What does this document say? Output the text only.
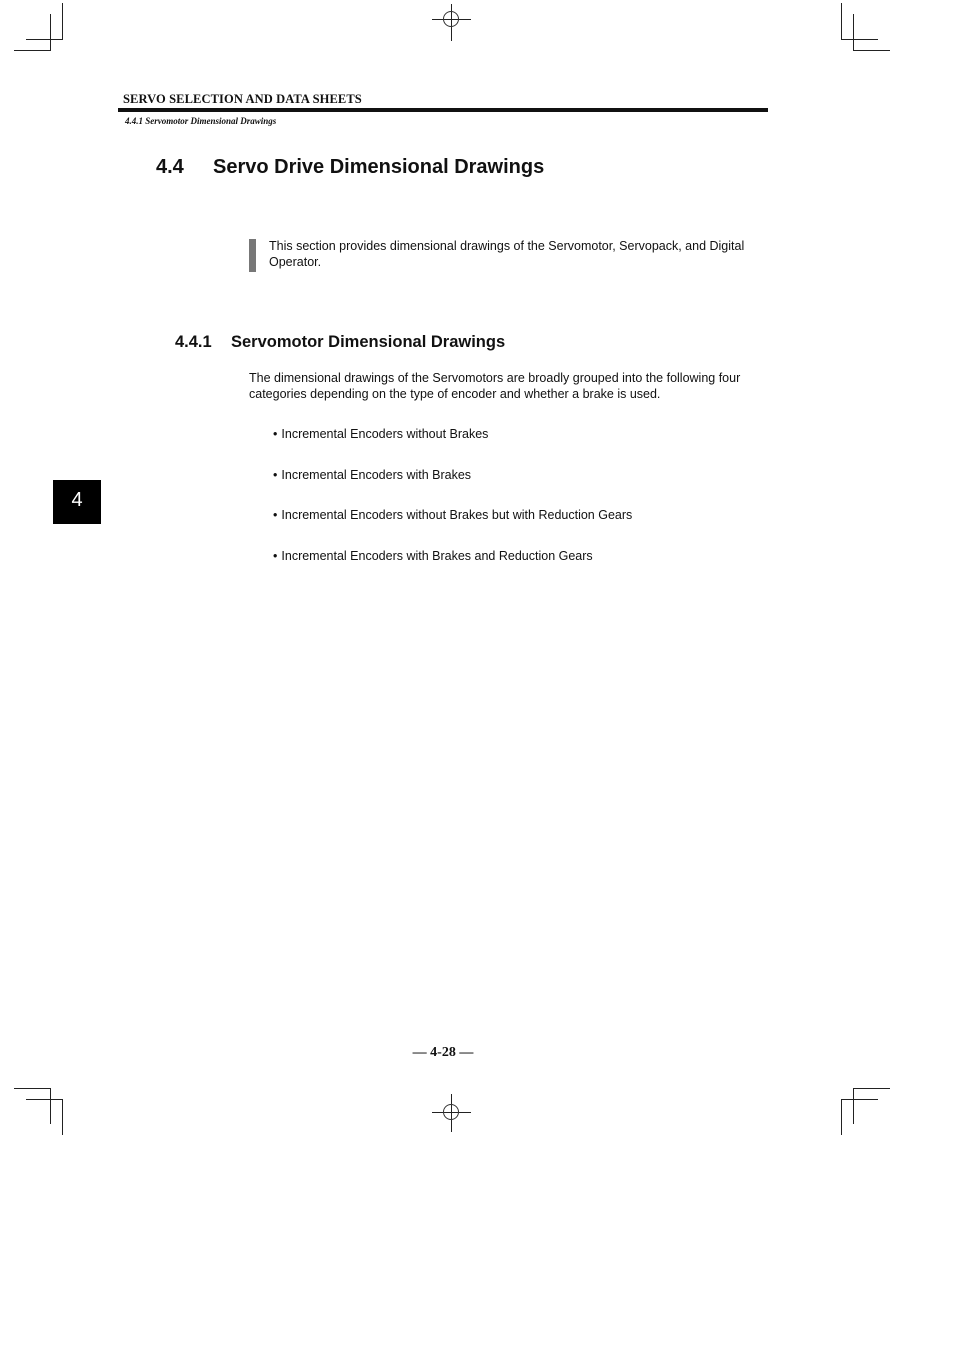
SERVO SELECTION AND DATA SHEETS
4.4.1 Servomotor Dimensional Drawings
4.4 Servo Drive Dimensional Drawings
This section provides dimensional drawings of the Servomotor, Servopack, and Digital Operator.
4.4.1 Servomotor Dimensional Drawings
The dimensional drawings of the Servomotors are broadly grouped into the following four categories depending on the type of encoder and whether a brake is used.
• Incremental Encoders without Brakes
• Incremental Encoders with Brakes
• Incremental Encoders without Brakes but with Reduction Gears
• Incremental Encoders with Brakes and Reduction Gears
4
— 4-28 —
